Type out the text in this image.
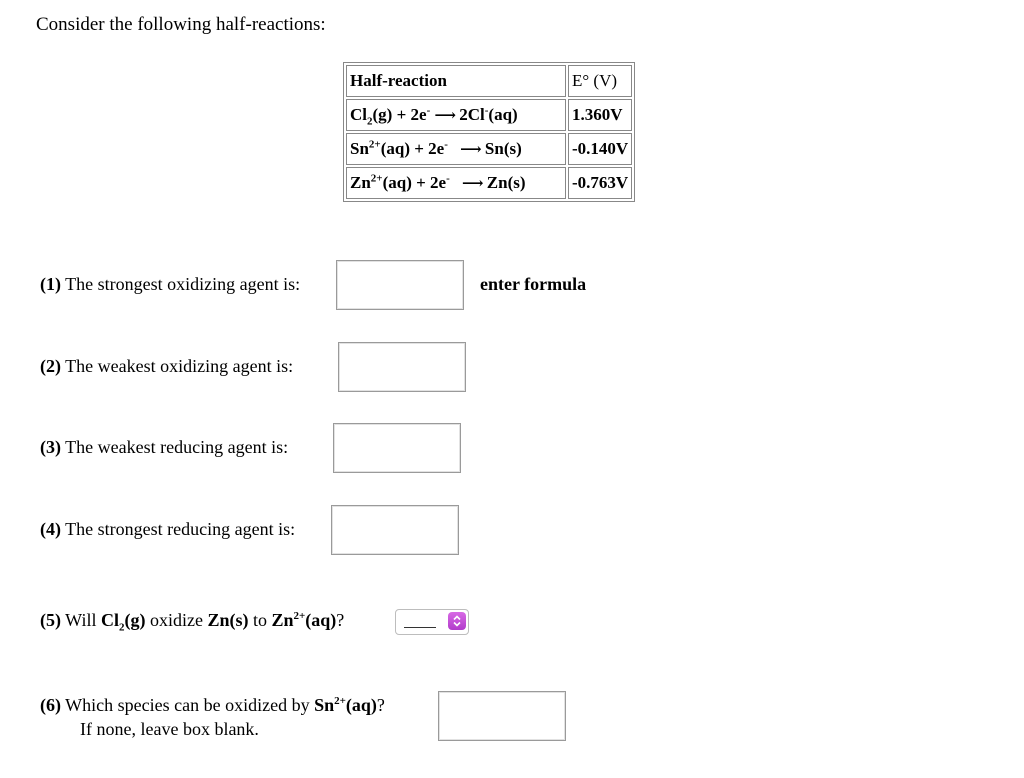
Consider the following half-reactions:
Half-reaction	E° (V)
$Cl_2(g) + 2e^-$ ⟶ 2Cl-(aq)	1.360V
$Sn^{2+}(aq) + 2e^-$ ⟶ Sn(s)	-0.140V
$Zn^{2+}(aq) + 2e^-$ ⟶ Zn(s)	-0.763V
(1) The strongest oxidizing agent is:	enter formula
(2) The weakest oxidizing agent is:
(3) The weakest reducing agent is:
(4) The strongest reducing agent is:
(5) Will $Cl_2(g)$ oxidize Zn(s) to $Zn^{2+}(aq)$?
(6) Which species can be oxidized by $Sn^{2+}(aq)$?
If none, leave box blank.
